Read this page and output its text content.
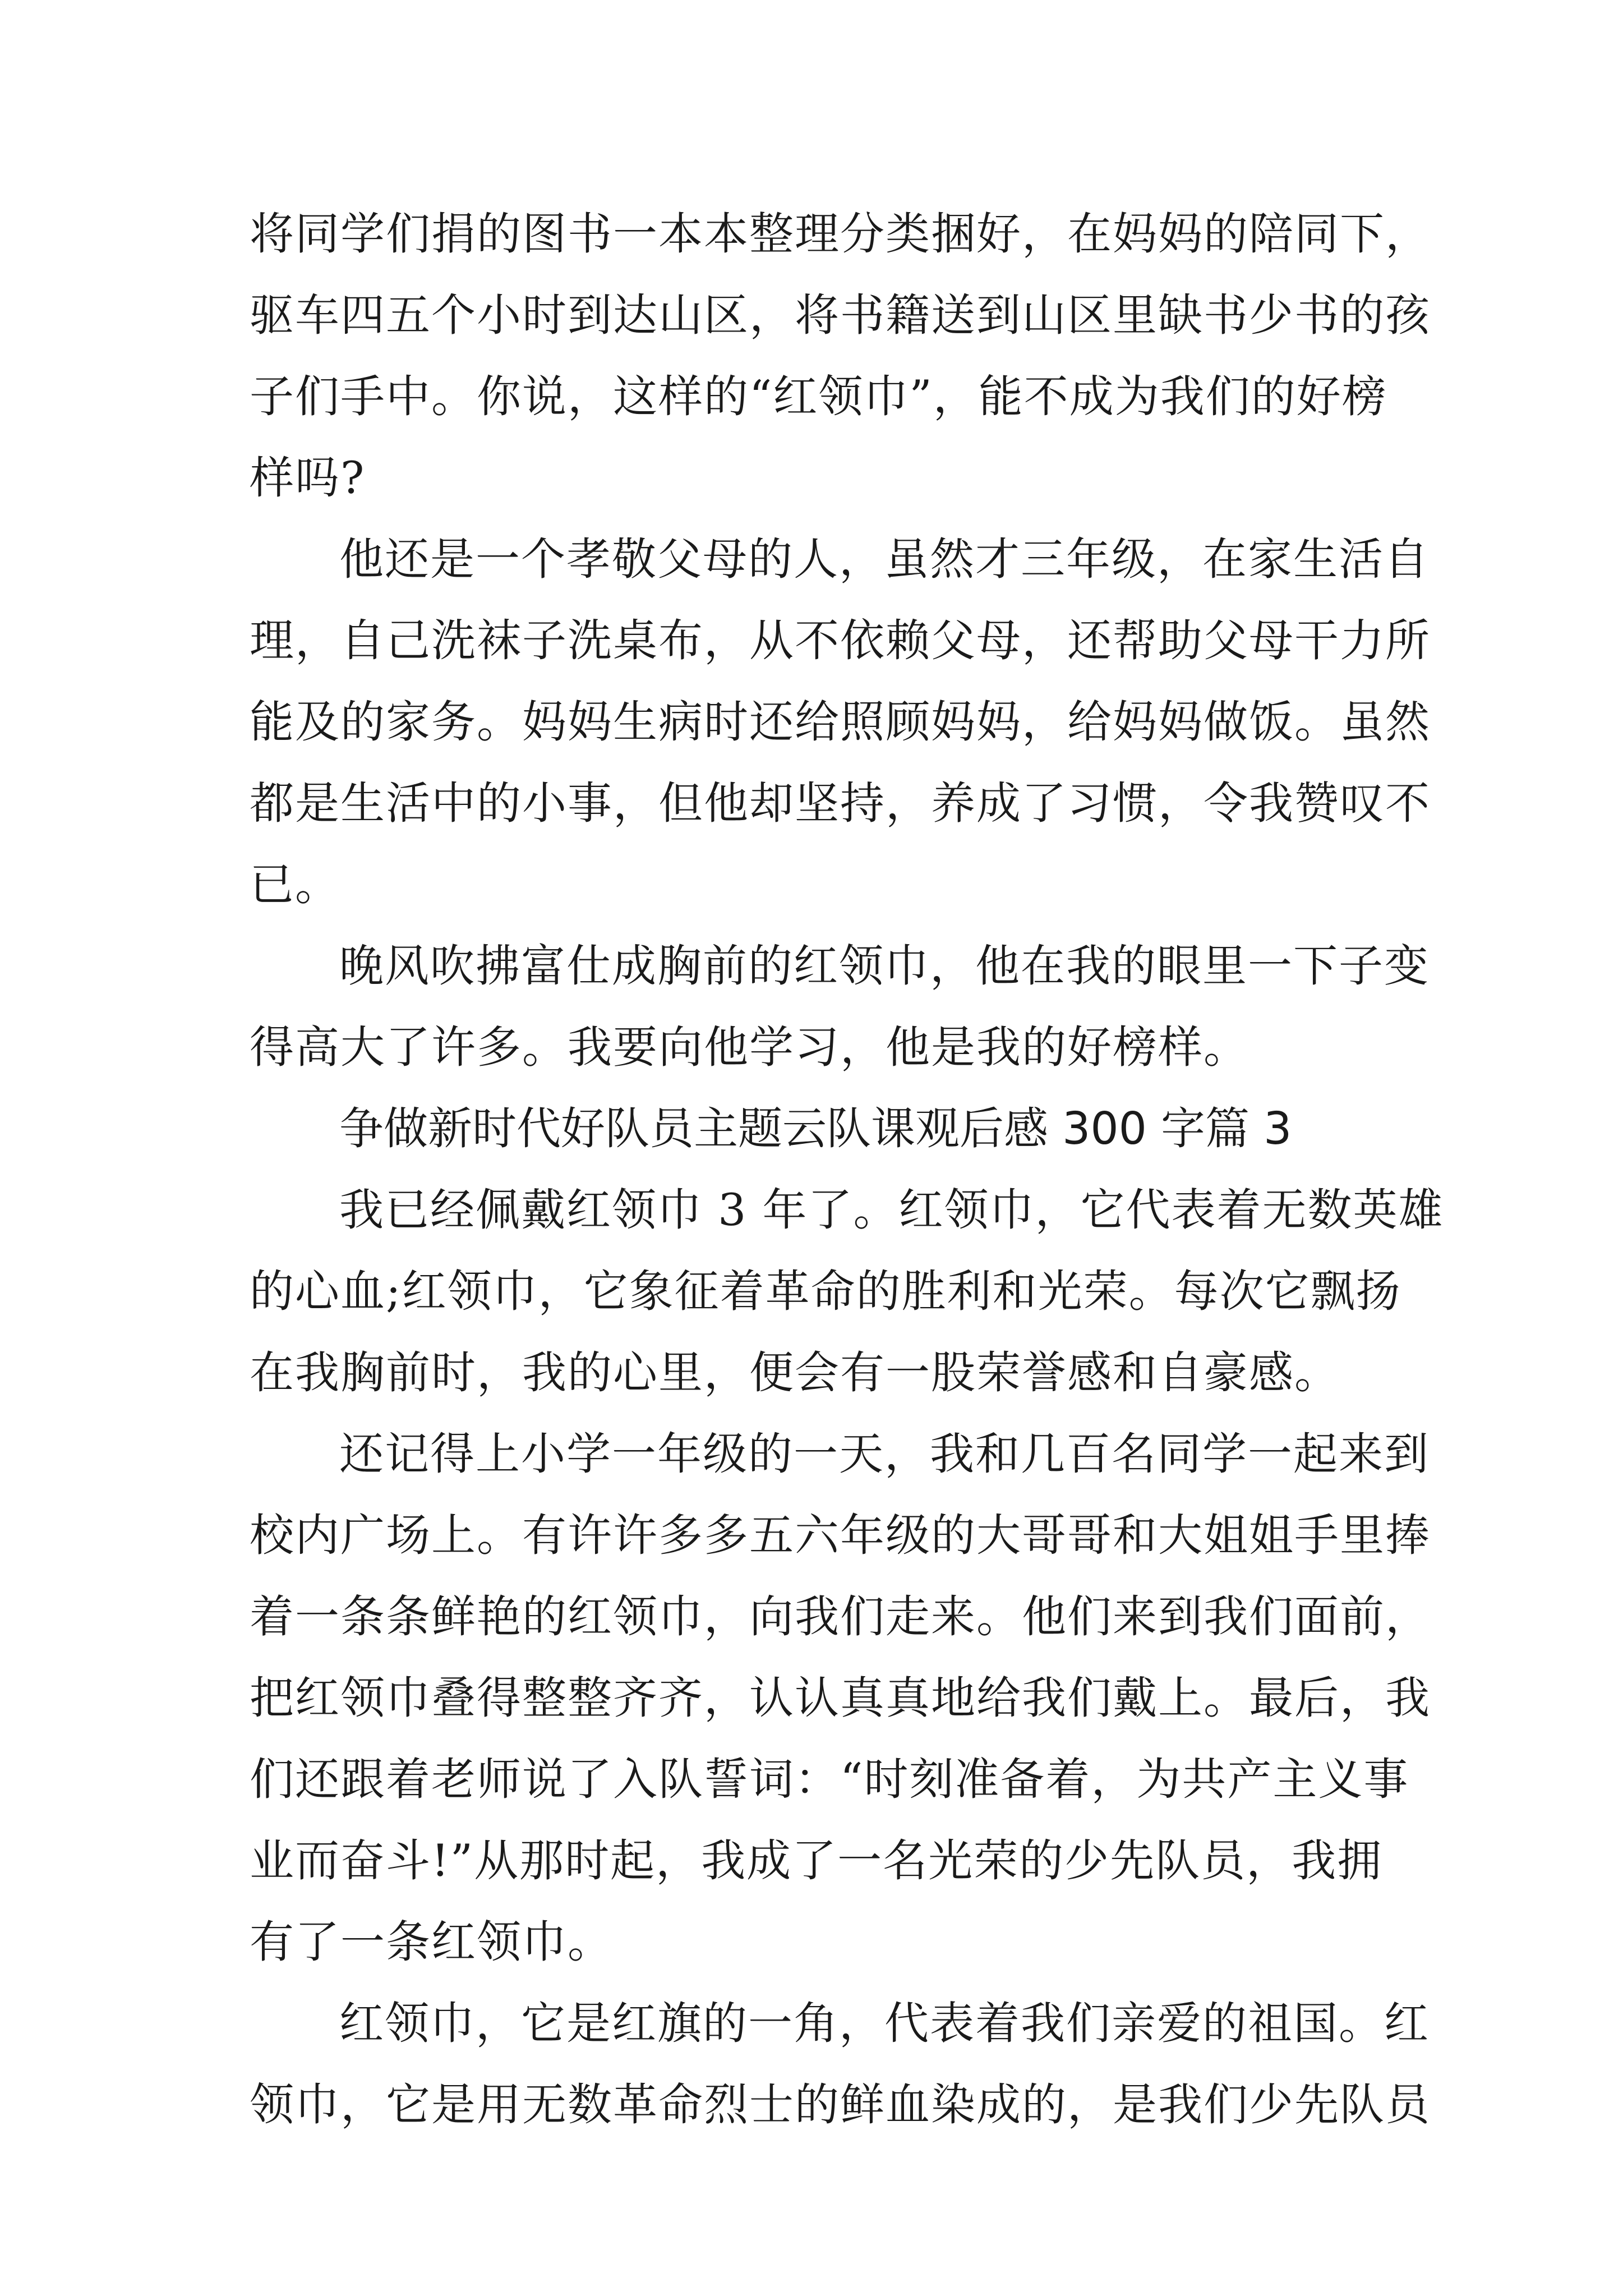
将同学们捐的图书一本本整理分类捆好，在妈妈的陪同下，
驱车四五个小时到达山区，将书籍送到山区里缺书少书的孩
子们手中。你说，这样的“红领巾”，能不成为我们的好榜
样吗?
他还是一个孝敬父母的人，虽然才三年级，在家生活自
理，自己洗袜子洗桌布，从不依赖父母，还帮助父母干力所
能及的家务。妈妈生病时还给照顾妈妈，给妈妈做饭。虽然
都是生活中的小事，但他却坚持，养成了习惯，令我赞叹不
已。
晚风吹拂富仕成胸前的红领巾，他在我的眼里一下子变
得高大了许多。我要向他学习，他是我的好榜样。
争做新时代好队员主题云队课观后感 300 字篇 3
我已经佩戴红领巾 3 年了。红领巾，它代表着无数英雄
的心血;红领巾，它象征着革命的胜利和光荣。每次它飘扬
在我胸前时，我的心里，便会有一股荣誉感和自豪感。
还记得上小学一年级的一天，我和几百名同学一起来到
校内广场上。有许许多多五六年级的大哥哥和大姐姐手里捧
着一条条鲜艳的红领巾，向我们走来。他们来到我们面前，
把红领巾叠得整整齐齐，认认真真地给我们戴上。最后，我
们还跟着老师说了入队誓词：“时刻准备着，为共产主义事
业而奋斗!”从那时起，我成了一名光荣的少先队员，我拥
有了一条红领巾。
红领巾，它是红旗的一角，代表着我们亲爱的祖国。红
领巾，它是用无数革命烈士的鲜血染成的，是我们少先队员
